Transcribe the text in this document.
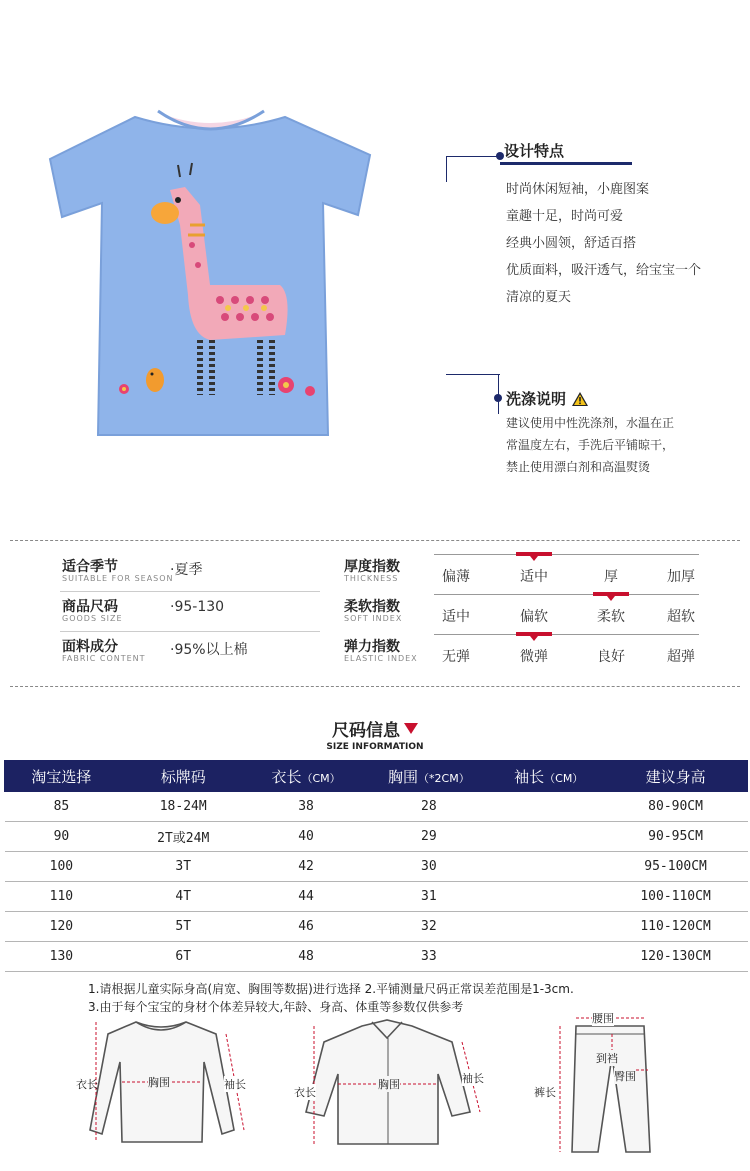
设计特点
时尚休闲短袖，小鹿图案
童趣十足，时尚可爱
经典小圆领，舒适百搭
优质面料，吸汗透气，给宝宝一个
清凉的夏天
洗涤说明
建议使用中性洗涤剂，水温在正
常温度左右，手洗后平铺晾干，
禁止使用漂白剂和高温熨烫
适合季节
SUITABLE FOR SEASON
·夏季
商品尺码
GOODS SIZE
·95-130
面料成分
FABRIC CONTENT
·95%以上棉
厚度指数
THICKNESS	偏薄	适中	厚	加厚
柔软指数
SOFT INDEX	适中	偏软	柔软	超软
弹力指数
ELASTIC INDEX	无弹	微弹	良好	超弹
尺码信息
SIZE INFORMATION
淘宝选择	标牌码	衣长（CM）	胸围（*2CM）	袖长（CM）	建议身高
85	18-24M	38	28		80-90CM
90	2T或24M	40	29		90-95CM
100	3T	42	30		95-100CM
110	4T	44	31		100-110CM
120	5T	46	32		110-120CM
130	6T	48	33		120-130CM
1.请根据儿童实际身高(肩宽、胸围等数据)进行选择 2.平铺测量尺码正常误差范围是1-3cm.
3.由于每个宝宝的身材个体差异较大,年龄、身高、体重等参数仅供参考
衣长	胸围	袖长
衣长
胸围	袖长
腰围
裤长
到裆
臀围
